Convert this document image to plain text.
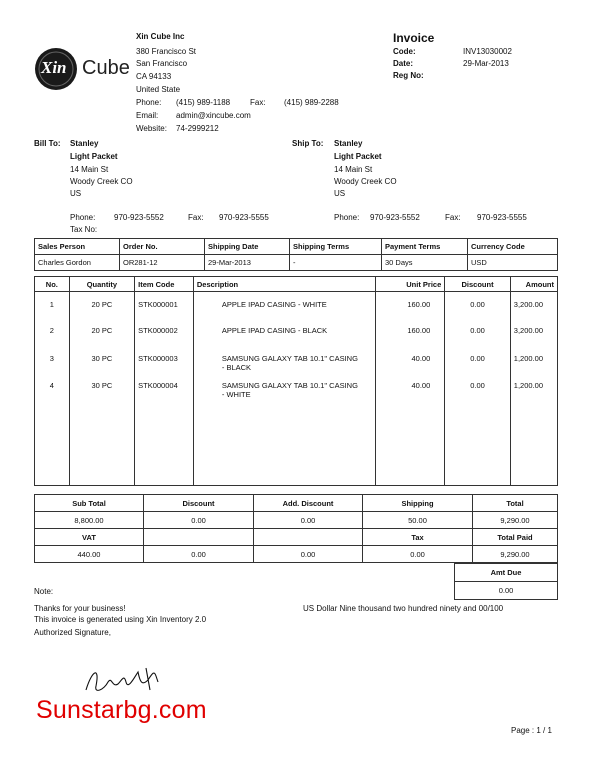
Xin Cube
Xin Cube Inc
380 Francisco St
San Francisco
CA 94133
United State
Phone: (415) 989-1188 Fax: (415) 989-2288
Email: admin@xincube.com
Website: 74-2999212
Invoice
Code:	INV13030002
Date:	29-Mar-2013
Reg No:
Bill To: Stanley
Light Packet
14 Main St
Woody Creek CO
US
Phone: 970-923-5552	Fax: 970-923-5555
Tax No:
Ship To: Stanley
Light Packet
14 Main St
Woody Creek CO
US
Phone: 970-923-5552	Fax: 970-923-5555
Sales Person	Order No.	Shipping Date	Shipping Terms	Payment Terms	Currency Code
Charles Gordon	OR281-12	29-Mar-2013	-	30 Days	USD
No.	Quantity	Item Code	Description	Unit Price	Discount	Amount
1	20 PC	STK000001	APPLE IPAD CASING - WHITE	160.00	0.00	3,200.00
2	20 PC	STK000002	APPLE IPAD CASING - BLACK	160.00	0.00	3,200.00
3	30 PC	STK000003	SAMSUNG GALAXY TAB 10.1" CASING - BLACK	40.00	0.00	1,200.00
4	30 PC	STK000004	SAMSUNG GALAXY TAB 10.1" CASING - WHITE	40.00	0.00	1,200.00
Sub Total	Discount	Add. Discount	Shipping	Total
8,800.00	0.00	0.00	50.00	9,290.00
VAT			Tax	Total Paid
440.00	0.00	0.00	0.00	9,290.00
Amt Due
0.00
Note:
Thanks for your business!
This invoice is generated using Xin Inventory 2.0
Authorized Signature,
US Dollar Nine thousand two hundred ninety and 00/100
Sunstarbg.com
Page : 1 / 1
